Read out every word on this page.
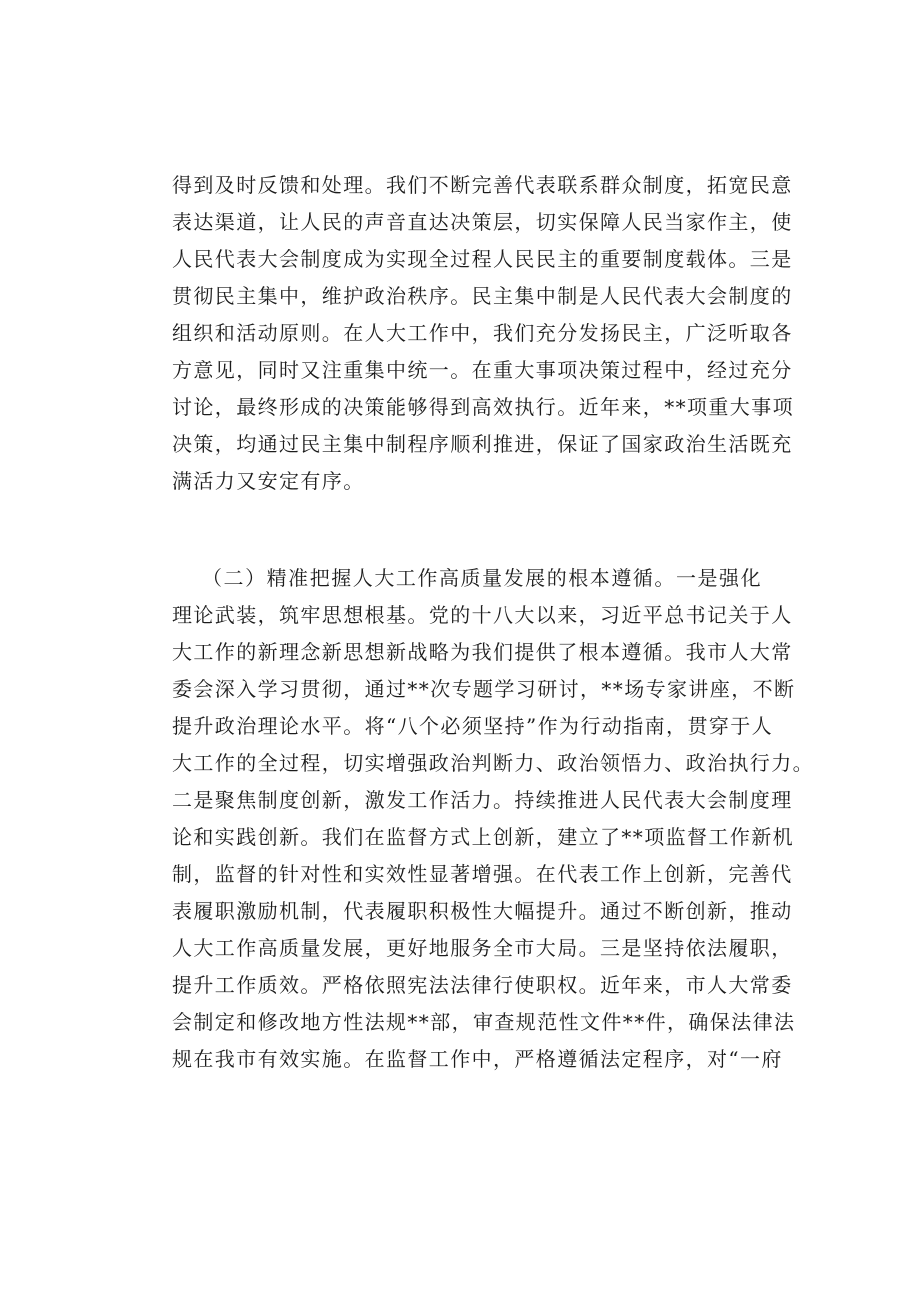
得到及时反馈和处理。我们不断完善代表联系群众制度，拓宽民意
表达渠道，让人民的声音直达决策层，切实保障人民当家作主，使
人民代表大会制度成为实现全过程人民民主的重要制度载体。三是
贯彻民主集中，维护政治秩序。民主集中制是人民代表大会制度的
组织和活动原则。在人大工作中，我们充分发扬民主，广泛听取各
方意见，同时又注重集中统一。在重大事项决策过程中，经过充分
讨论，最终形成的决策能够得到高效执行。近年来，**项重大事项
决策，均通过民主集中制程序顺利推进，保证了国家政治生活既充
满活力又安定有序。
（二）精准把握人大工作高质量发展的根本遵循。一是强化
理论武装，筑牢思想根基。党的十八大以来，习近平总书记关于人
大工作的新理念新思想新战略为我们提供了根本遵循。我市人大常
委会深入学习贯彻，通过**次专题学习研讨，**场专家讲座，不断
提升政治理论水平。将“八个必须坚持”作为行动指南，贯穿于人
大工作的全过程，切实增强政治判断力、政治领悟力、政治执行力。
二是聚焦制度创新，激发工作活力。持续推进人民代表大会制度理
论和实践创新。我们在监督方式上创新，建立了**项监督工作新机
制，监督的针对性和实效性显著增强。在代表工作上创新，完善代
表履职激励机制，代表履职积极性大幅提升。通过不断创新，推动
人大工作高质量发展，更好地服务全市大局。三是坚持依法履职，
提升工作质效。严格依照宪法法律行使职权。近年来，市人大常委
会制定和修改地方性法规**部，审查规范性文件**件，确保法律法
规在我市有效实施。在监督工作中，严格遵循法定程序，对“一府
